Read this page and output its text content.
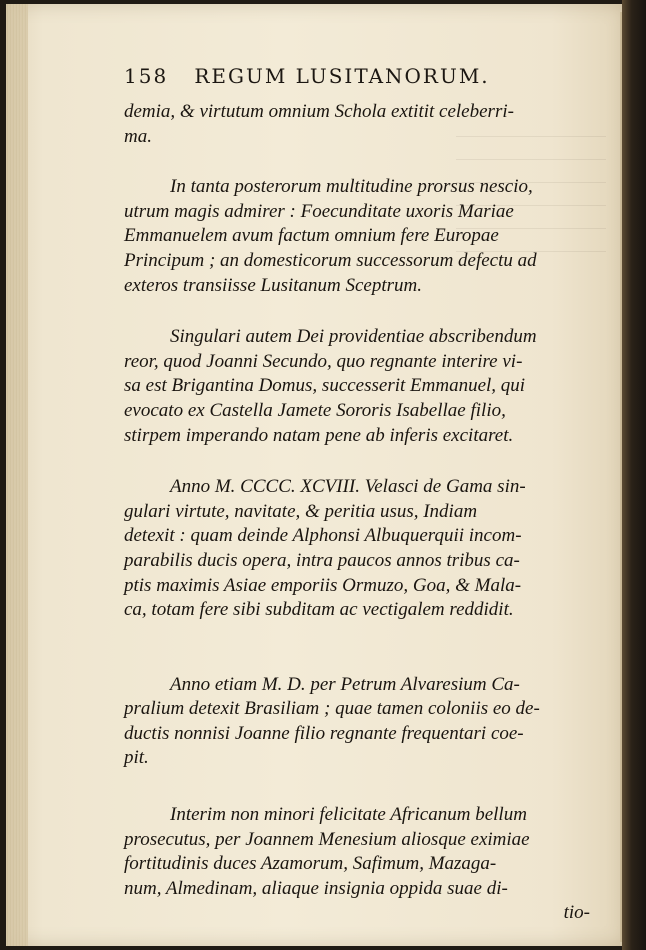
158 REGUM LUSITANORUM.

demia, & virtutum omnium Schola extitit celeberri-
ma.

In tanta posterorum multitudine prorsus nescio,
utrum magis admirer : Foecunditate uxoris Mariae
Emmanuelem avum factum omnium fere Europae
Principum ; an domesticorum successorum defectu ad
exteros transiisse Lusitanum Sceptrum.

Singulari autem Dei providentiae abscribendum
reor, quod Joanni Secundo, quo regnante interire vi-
sa est Brigantina Domus, successerit Emmanuel, qui
evocato ex Castella Jamete Sororis Isabellae filio,
stirpem imperando natam pene ab inferis excitaret.

Anno M. CCCC. XCVIII. Velasci de Gama sin-
gulari virtute, navitate, & peritia usus, Indiam
detexit : quam deinde Alphonsi Albuquerquii incom-
parabilis ducis opera, intra paucos annos tribus ca-
ptis maximis Asiae emporiis Ormuzo, Goa, & Mala-
ca, totam fere sibi subditam ac vectigalem reddidit.

Anno etiam M. D. per Petrum Alvaresium Ca-
pralium detexit Brasiliam ; quae tamen coloniis eo de-
ductis nonnisi Joanne filio regnante frequentari coe-
pit.

Interim non minori felicitate Africanum bellum
prosecutus, per Joannem Menesium aliosque eximiae
fortitudinis duces Azamorum, Safimum, Mazaga-
num, Almedinam, aliaque insignia oppida suae di-

tio-
